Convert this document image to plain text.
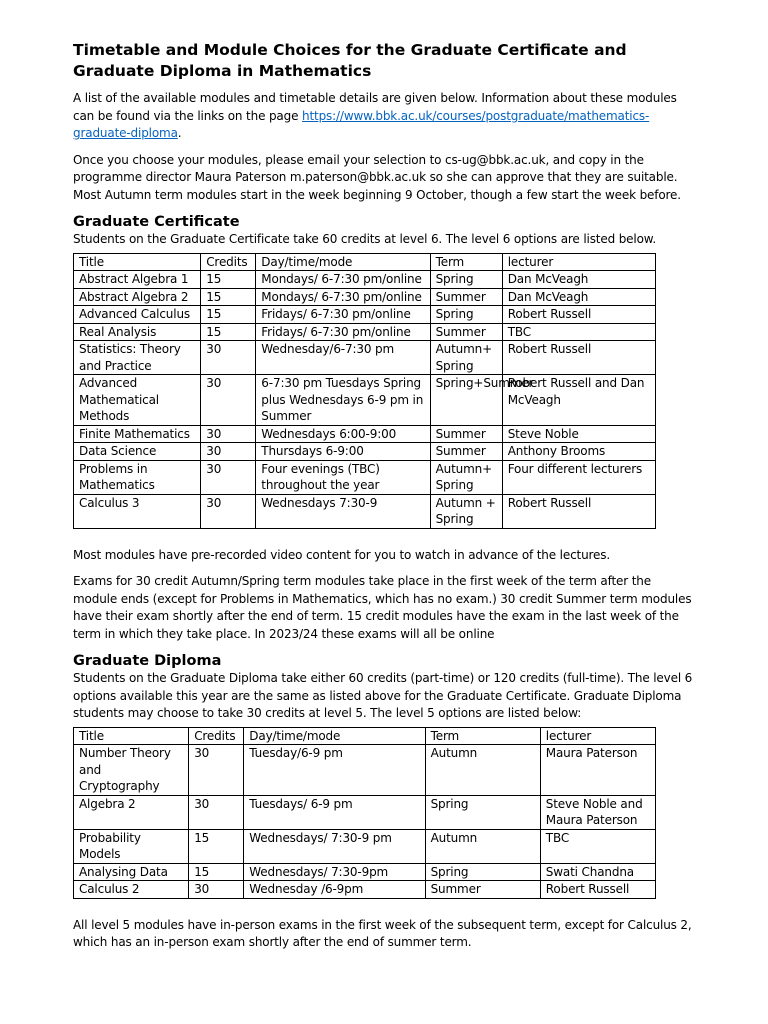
Timetable and Module Choices for the Graduate Certificate and Graduate Diploma in Mathematics

A list of the available modules and timetable details are given below. Information about these modules can be found via the links on the page https://www.bbk.ac.uk/courses/postgraduate/mathematics-graduate-diploma.

Once you choose your modules, please email your selection to cs-ug@bbk.ac.uk, and copy in the programme director Maura Paterson m.paterson@bbk.ac.uk so she can approve that they are suitable. Most Autumn term modules start in the week beginning 9 October, though a few start the week before.

Graduate Certificate

Students on the Graduate Certificate take 60 credits at level 6. The level 6 options are listed below.

Title	Credits	Day/time/mode	Term	lecturer
Abstract Algebra 1	15	Mondays/ 6-7:30 pm/online	Spring	Dan McVeagh
Abstract Algebra 2	15	Mondays/ 6-7:30 pm/online	Summer	Dan McVeagh
Advanced Calculus	15	Fridays/ 6-7:30 pm/online	Spring	Robert Russell
Real Analysis	15	Fridays/ 6-7:30 pm/online	Summer	TBC
Statistics: Theory and Practice	30	Wednesday/6-7:30 pm	Autumn+ Spring	Robert Russell
Advanced Mathematical Methods	30	6-7:30 pm Tuesdays Spring plus Wednesdays 6-9 pm in Summer	Spring+Summer	Robert Russell and Dan McVeagh
Finite Mathematics	30	Wednesdays 6:00-9:00	Summer	Steve Noble
Data Science	30	Thursdays 6-9:00	Summer	Anthony Brooms
Problems in Mathematics	30	Four evenings (TBC) throughout the year	Autumn+ Spring	Four different lecturers
Calculus 3	30	Wednesdays 7:30-9	Autumn + Spring	Robert Russell

Most modules have pre-recorded video content for you to watch in advance of the lectures.

Exams for 30 credit Autumn/Spring term modules take place in the first week of the term after the module ends (except for Problems in Mathematics, which has no exam.) 30 credit Summer term modules have their exam shortly after the end of term. 15 credit modules have the exam in the last week of the term in which they take place. In 2023/24 these exams will all be online

Graduate Diploma

Students on the Graduate Diploma take either 60 credits (part-time) or 120 credits (full-time). The level 6 options available this year are the same as listed above for the Graduate Certificate. Graduate Diploma students may choose to take 30 credits at level 5. The level 5 options are listed below:

Title	Credits	Day/time/mode	Term	lecturer
Number Theory and Cryptography	30	Tuesday/6-9 pm	Autumn	Maura Paterson
Algebra 2	30	Tuesdays/ 6-9 pm	Spring	Steve Noble and Maura Paterson
Probability Models	15	Wednesdays/ 7:30-9 pm	Autumn	TBC
Analysing Data	15	Wednesdays/ 7:30-9pm	Spring	Swati Chandna
Calculus 2	30	Wednesday /6-9pm	Summer	Robert Russell

All level 5 modules have in-person exams in the first week of the subsequent term, except for Calculus 2, which has an in-person exam shortly after the end of summer term.
